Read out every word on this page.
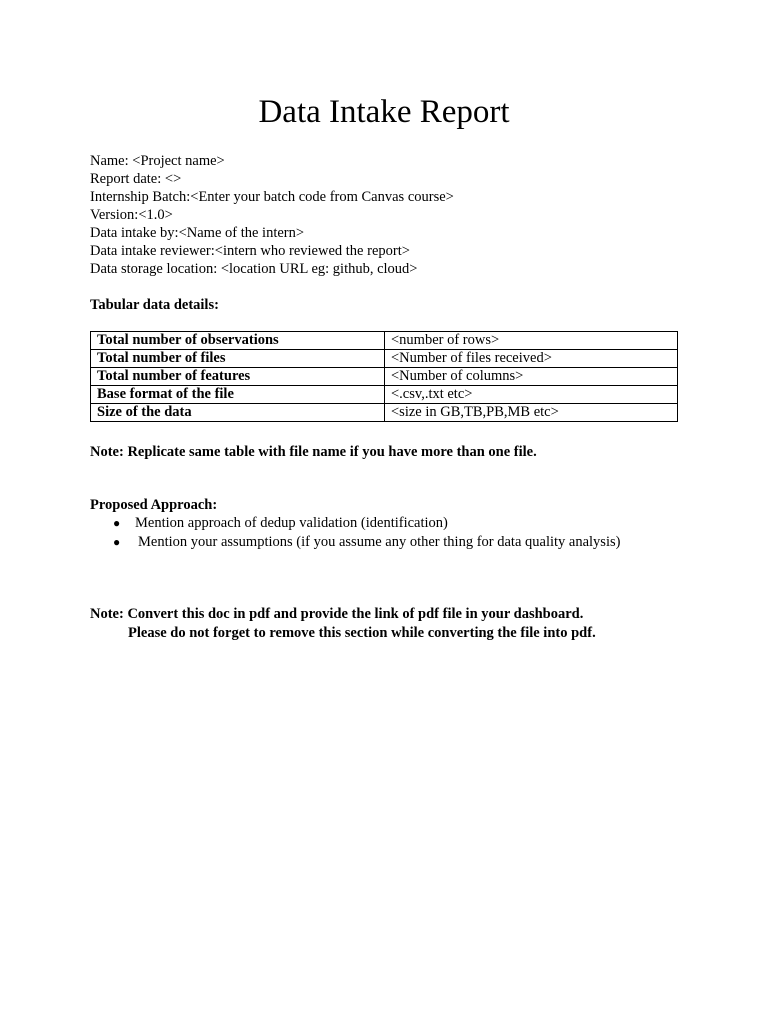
Data Intake Report
Name: <Project name>
Report date: <>
Internship Batch:<Enter your batch code from Canvas course>
Version:<1.0>
Data intake by:<Name of the intern>
Data intake reviewer:<intern who reviewed the report>
Data storage location: <location URL eg: github, cloud>
Tabular data details:
Total number of observations	<number of rows>
Total number of files	<Number of files received>
Total number of features	<Number of columns>
Base format of the file	<.csv,.txt etc>
Size of the data	<size in GB,TB,PB,MB etc>
Note: Replicate same table with file name if you have more than one file.
Proposed Approach:
● Mention approach of dedup validation (identification)
● Mention your assumptions (if you assume any other thing for data quality analysis)
Note: Convert this doc in pdf and provide the link of pdf file in your dashboard.
Please do not forget to remove this section while converting the file into pdf.
